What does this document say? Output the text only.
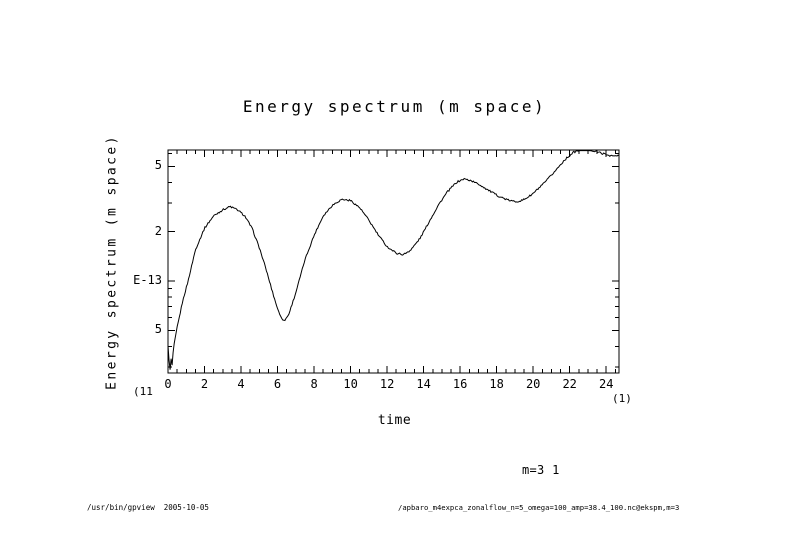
Energy spectrum (m space)
Energy spectrum (m space)	0 2 4 6 8 10 12 14 16 18 20 22 24
5
2
E-13
5
time
(11
(1)
m=3 1
/usr/bin/gpview  2005-10-05	/apbaro_m4expca_zonalflow_n=5_omega=100_amp=38.4_100.nc@ekspm,m=3
